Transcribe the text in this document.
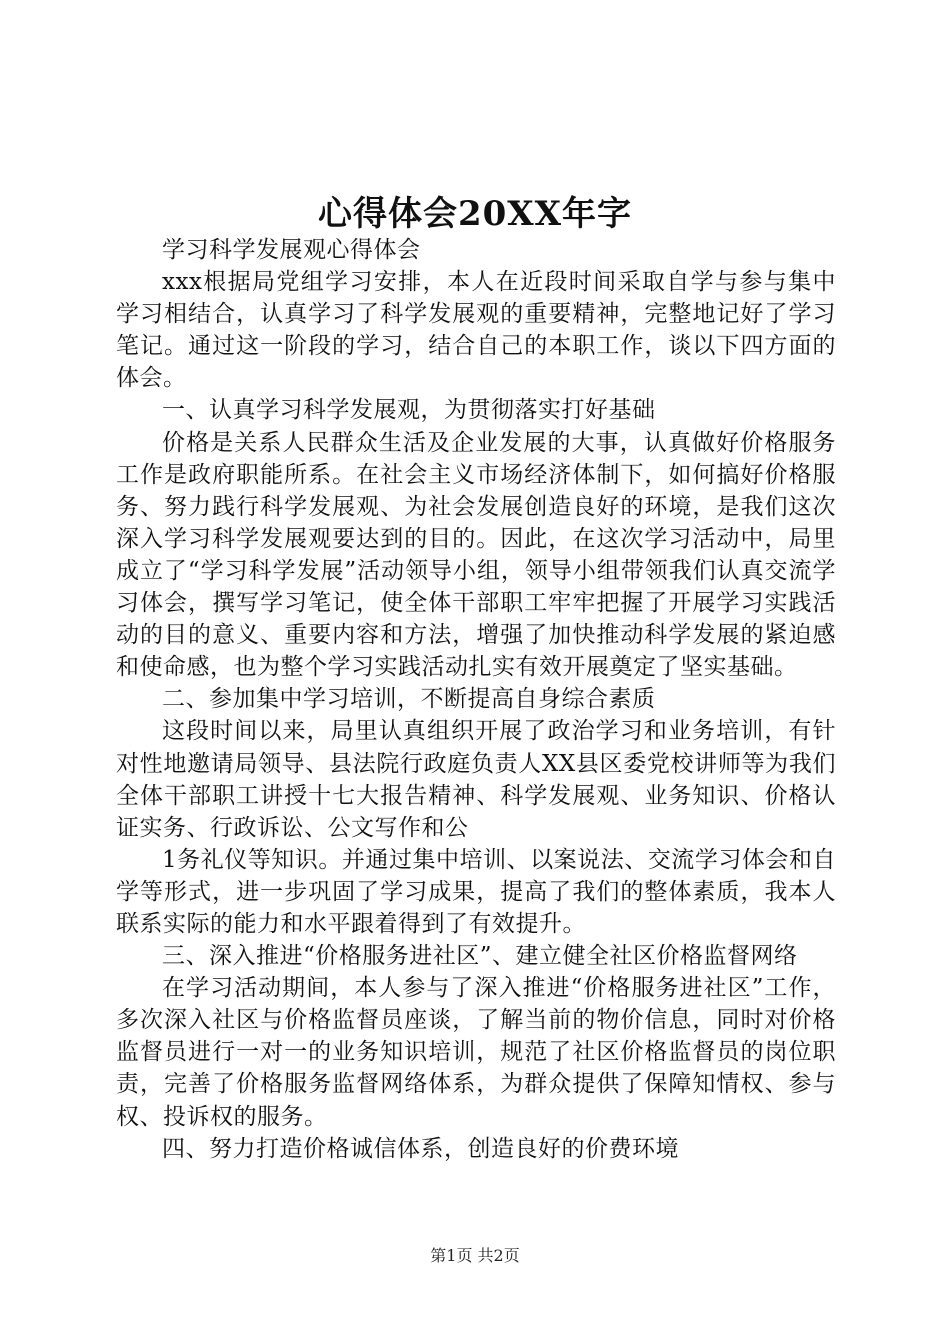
心得体会20XX年字

学习科学发展观心得体会

xxx根据局党组学习安排，本人在近段时间采取自学与参与集中学习相结合，认真学习了科学发展观的重要精神，完整地记好了学习笔记。通过这一阶段的学习，结合自己的本职工作，谈以下四方面的体会。

一、认真学习科学发展观，为贯彻落实打好基础

价格是关系人民群众生活及企业发展的大事，认真做好价格服务工作是政府职能所系。在社会主义市场经济体制下，如何搞好价格服务、努力践行科学发展观、为社会发展创造良好的环境，是我们这次深入学习科学发展观要达到的目的。因此，在这次学习活动中，局里成立了“学习科学发展”活动领导小组，领导小组带领我们认真交流学习体会，撰写学习笔记，使全体干部职工牢牢把握了开展学习实践活动的目的意义、重要内容和方法，增强了加快推动科学发展的紧迫感和使命感，也为整个学习实践活动扎实有效开展奠定了坚实基础。

二、参加集中学习培训，不断提高自身综合素质

这段时间以来，局里认真组织开展了政治学习和业务培训，有针对性地邀请局领导、县法院行政庭负责人XX县区委党校讲师等为我们全体干部职工讲授十七大报告精神、科学发展观、业务知识、价格认证实务、行政诉讼、公文写作和公

1务礼仪等知识。并通过集中培训、以案说法、交流学习体会和自学等形式，进一步巩固了学习成果，提高了我们的整体素质，我本人联系实际的能力和水平跟着得到了有效提升。

三、深入推进“价格服务进社区”、建立健全社区价格监督网络

在学习活动期间，本人参与了深入推进“价格服务进社区”工作，多次深入社区与价格监督员座谈，了解当前的物价信息，同时对价格监督员进行一对一的业务知识培训，规范了社区价格监督员的岗位职责，完善了价格服务监督网络体系，为群众提供了保障知情权、参与权、投诉权的服务。

四、努力打造价格诚信体系，创造良好的价费环境

第1页 共2页
